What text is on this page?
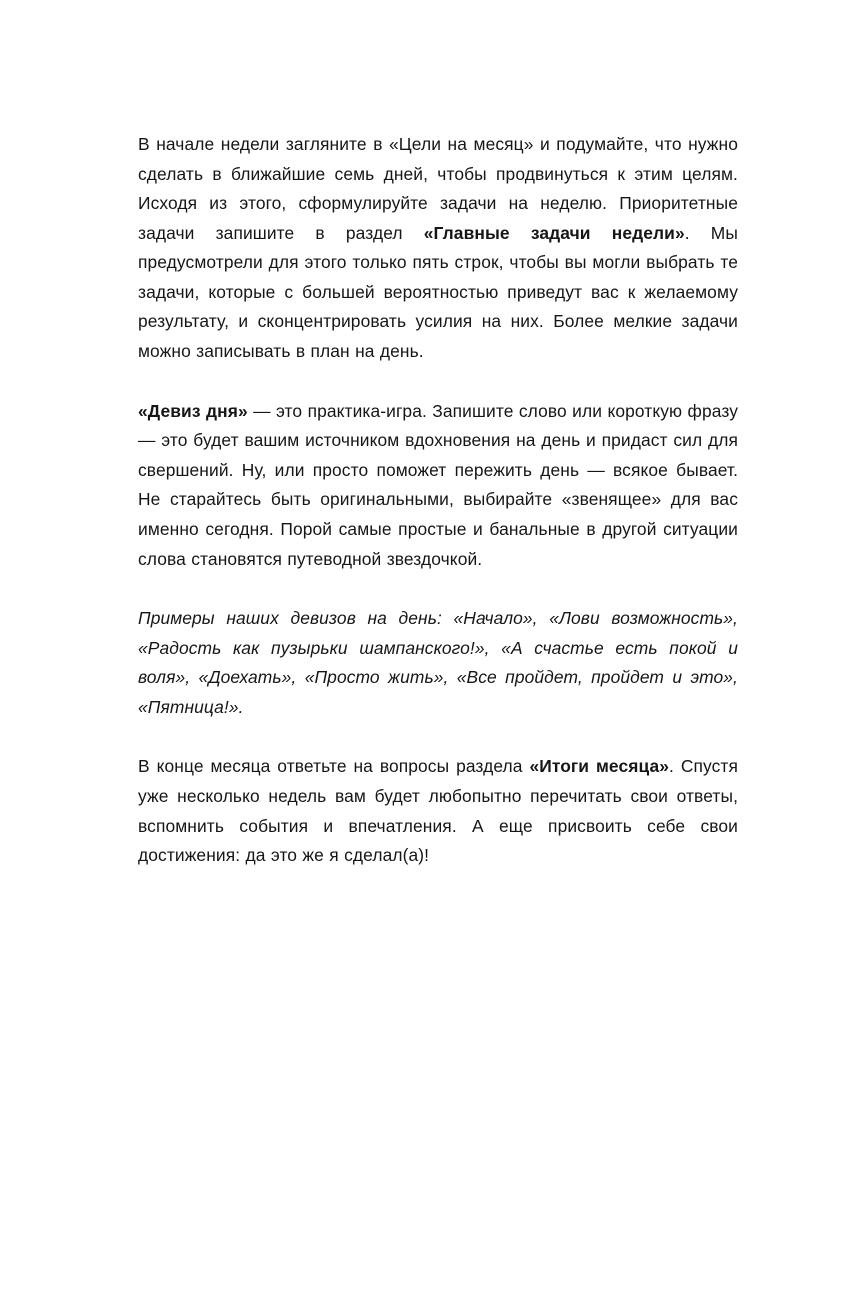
В начале недели загляните в «Цели на месяц» и подумайте, что нужно сделать в ближайшие семь дней, чтобы продвинуться к этим целям. Исходя из этого, сформулируйте задачи на неделю. Приоритетные задачи запишите в раздел «Главные задачи недели». Мы предусмотрели для этого только пять строк, чтобы вы могли выбрать те задачи, которые с большей вероятностью приведут вас к желаемому результату, и сконцентрировать усилия на них. Более мелкие задачи можно записывать в план на день.

«Девиз дня» — это практика-игра. Запишите слово или короткую фразу — это будет вашим источником вдохновения на день и придаст сил для свершений. Ну, или просто поможет пережить день — всякое бывает. Не старайтесь быть оригинальными, выбирайте «звенящее» для вас именно сегодня. Порой самые простые и банальные в другой ситуации слова становятся путеводной звездочкой.

Примеры наших девизов на день: «Начало», «Лови возможность», «Радость как пузырьки шампанского!», «А счастье есть покой и воля», «Доехать», «Просто жить», «Все пройдет, пройдет и это», «Пятница!».

В конце месяца ответьте на вопросы раздела «Итоги месяца». Спустя уже несколько недель вам будет любопытно перечитать свои ответы, вспомнить события и впечатления. А еще присвоить себе свои достижения: да это же я сделал(а)!
